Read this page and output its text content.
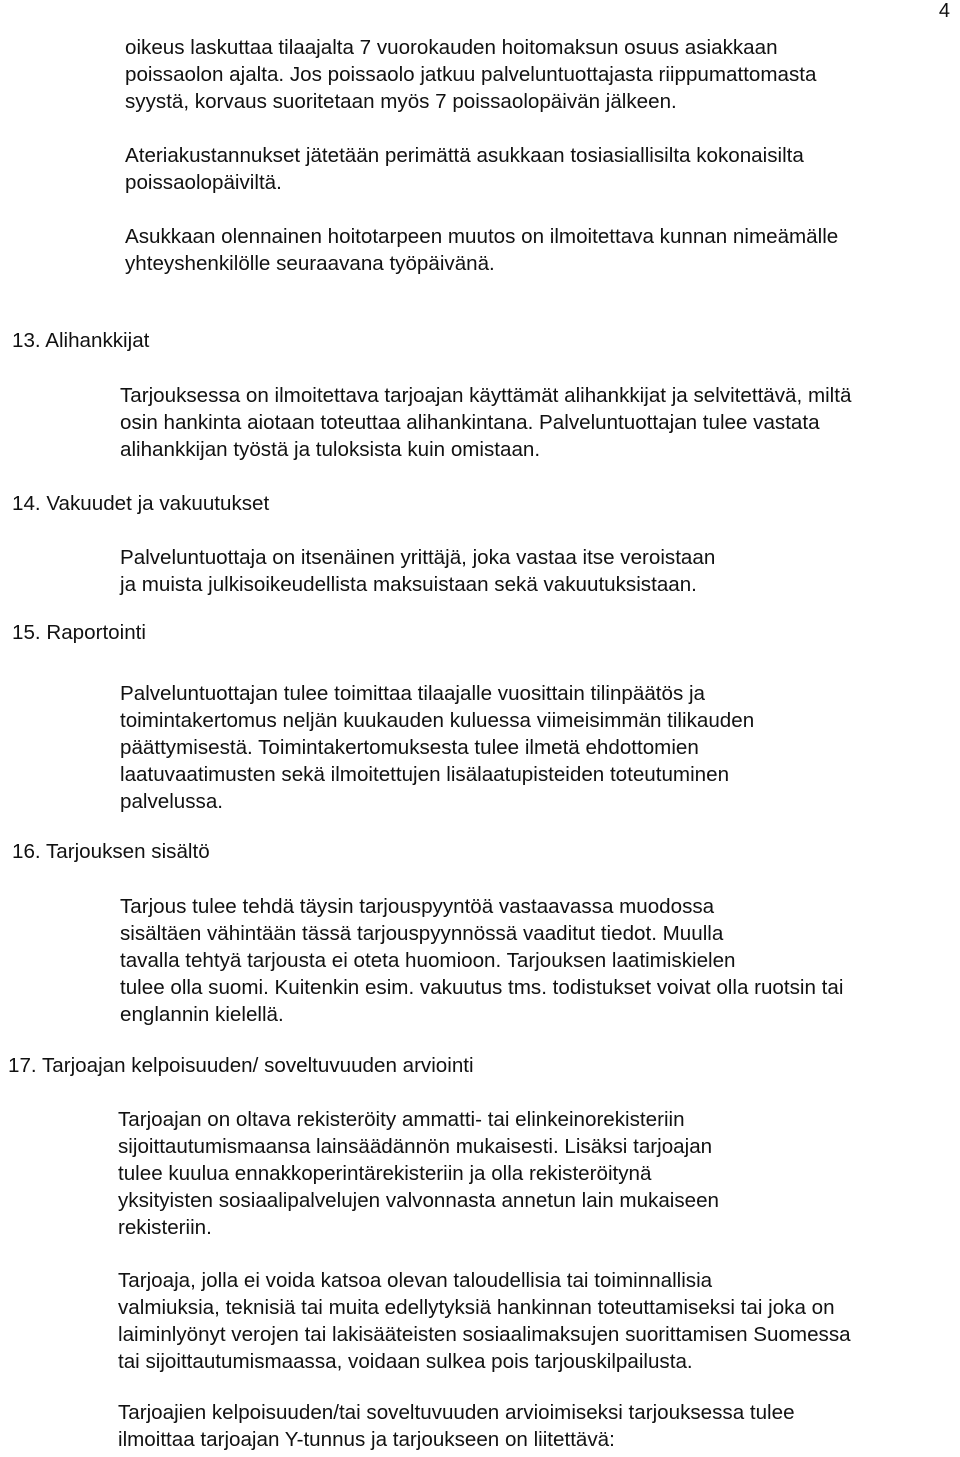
4

oikeus laskuttaa tilaajalta 7 vuorokauden hoitomaksun osuus asiakkaan
poissaolon ajalta. Jos poissaolo jatkuu palveluntuottajasta riippumattomasta
syystä, korvaus suoritetaan myös 7 poissaolopäivän jälkeen.

Ateriakustannukset jätetään perimättä asukkaan tosiasiallisilta kokonaisilta
poissaolopäiviltä.

Asukkaan olennainen hoitotarpeen muutos on ilmoitettava kunnan nimeämälle
yhteyshenkilölle seuraavana työpäivänä.

13. Alihankkijat

Tarjouksessa on ilmoitettava tarjoajan käyttämät alihankkijat ja selvitettävä, miltä
osin hankinta aiotaan toteuttaa alihankintana. Palveluntuottajan tulee vastata
alihankkijan työstä ja tuloksista kuin omistaan.

14. Vakuudet ja vakuutukset

Palveluntuottaja on itsenäinen yrittäjä, joka vastaa itse veroistaan
ja muista julkisoikeudellista maksuistaan sekä vakuutuksistaan.

15. Raportointi

Palveluntuottajan tulee toimittaa tilaajalle vuosittain tilinpäätös ja
toimintakertomus neljän kuukauden kuluessa viimeisimmän tilikauden
päättymisestä. Toimintakertomuksesta tulee ilmetä ehdottomien
laatuvaatimusten sekä ilmoitettujen lisälaatupisteiden toteutuminen
palvelussa.

16. Tarjouksen sisältö

Tarjous tulee tehdä täysin tarjouspyyntöä vastaavassa muodossa
sisältäen vähintään tässä tarjouspyynnössä vaaditut tiedot. Muulla
tavalla tehtyä tarjousta ei oteta huomioon. Tarjouksen laatimiskielen
tulee olla suomi. Kuitenkin esim. vakuutus tms. todistukset voivat olla ruotsin tai
englannin kielellä.

17. Tarjoajan kelpoisuuden/ soveltuvuuden arviointi

Tarjoajan on oltava rekisteröity ammatti- tai elinkeinorekisteriin
sijoittautumismaansa lainsäädännön mukaisesti. Lisäksi tarjoajan
tulee kuulua ennakkoperintärekisteriin ja olla rekisteröitynä
yksityisten sosiaalipalvelujen valvonnasta annetun lain mukaiseen
rekisteriin.

Tarjoaja, jolla ei voida katsoa olevan taloudellisia tai toiminnallisia
valmiuksia, teknisiä tai muita edellytyksiä hankinnan toteuttamiseksi tai joka on
laiminlyönyt verojen tai lakisääteisten sosiaalimaksujen suorittamisen Suomessa
tai sijoittautumismaassa, voidaan sulkea pois tarjouskilpailusta.

Tarjoajien kelpoisuuden/tai soveltuvuuden arvioimiseksi tarjouksessa tulee
ilmoittaa tarjoajan Y-tunnus ja tarjoukseen on liitettävä:
